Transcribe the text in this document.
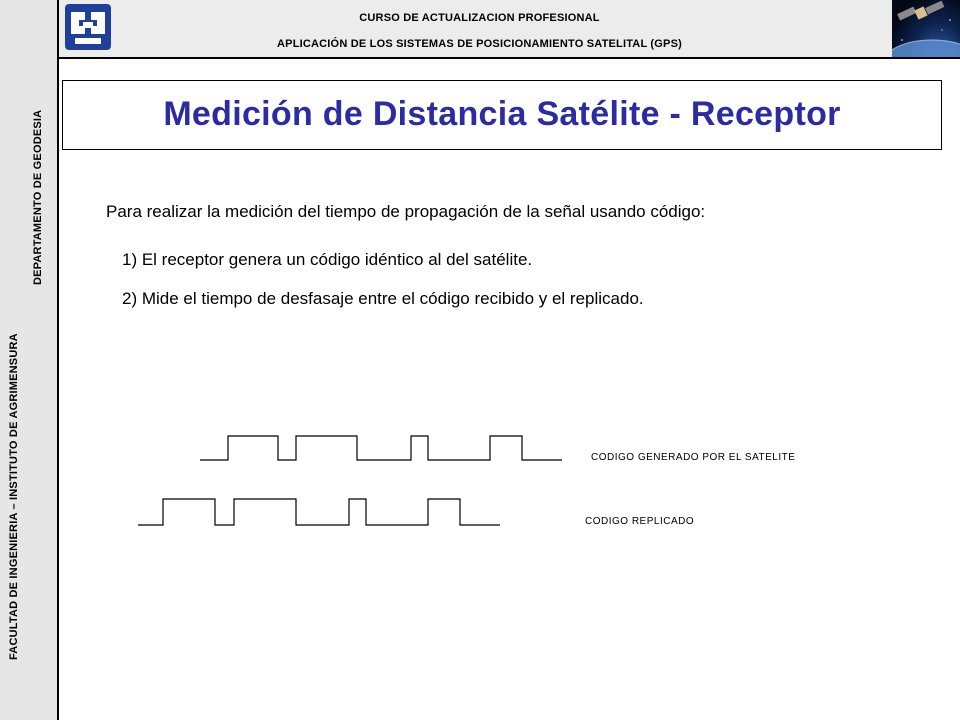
FACULTAD DE INGENIERIA – INSTITUTO DE AGRIMENSURA
DEPARTAMENTO DE GEODESIA
CURSO DE ACTUALIZACION PROFESIONAL
APLICACIÓN DE LOS SISTEMAS DE POSICIONAMIENTO SATELITAL (GPS)
Medición de Distancia Satélite - Receptor
Para realizar la medición del tiempo de propagación de la señal usando código:
1) El receptor genera un código idéntico al del satélite.
2) Mide el tiempo de desfasaje entre el código recibido y el replicado.
CODIGO GENERADO POR EL SATELITE
CODIGO REPLICADO
